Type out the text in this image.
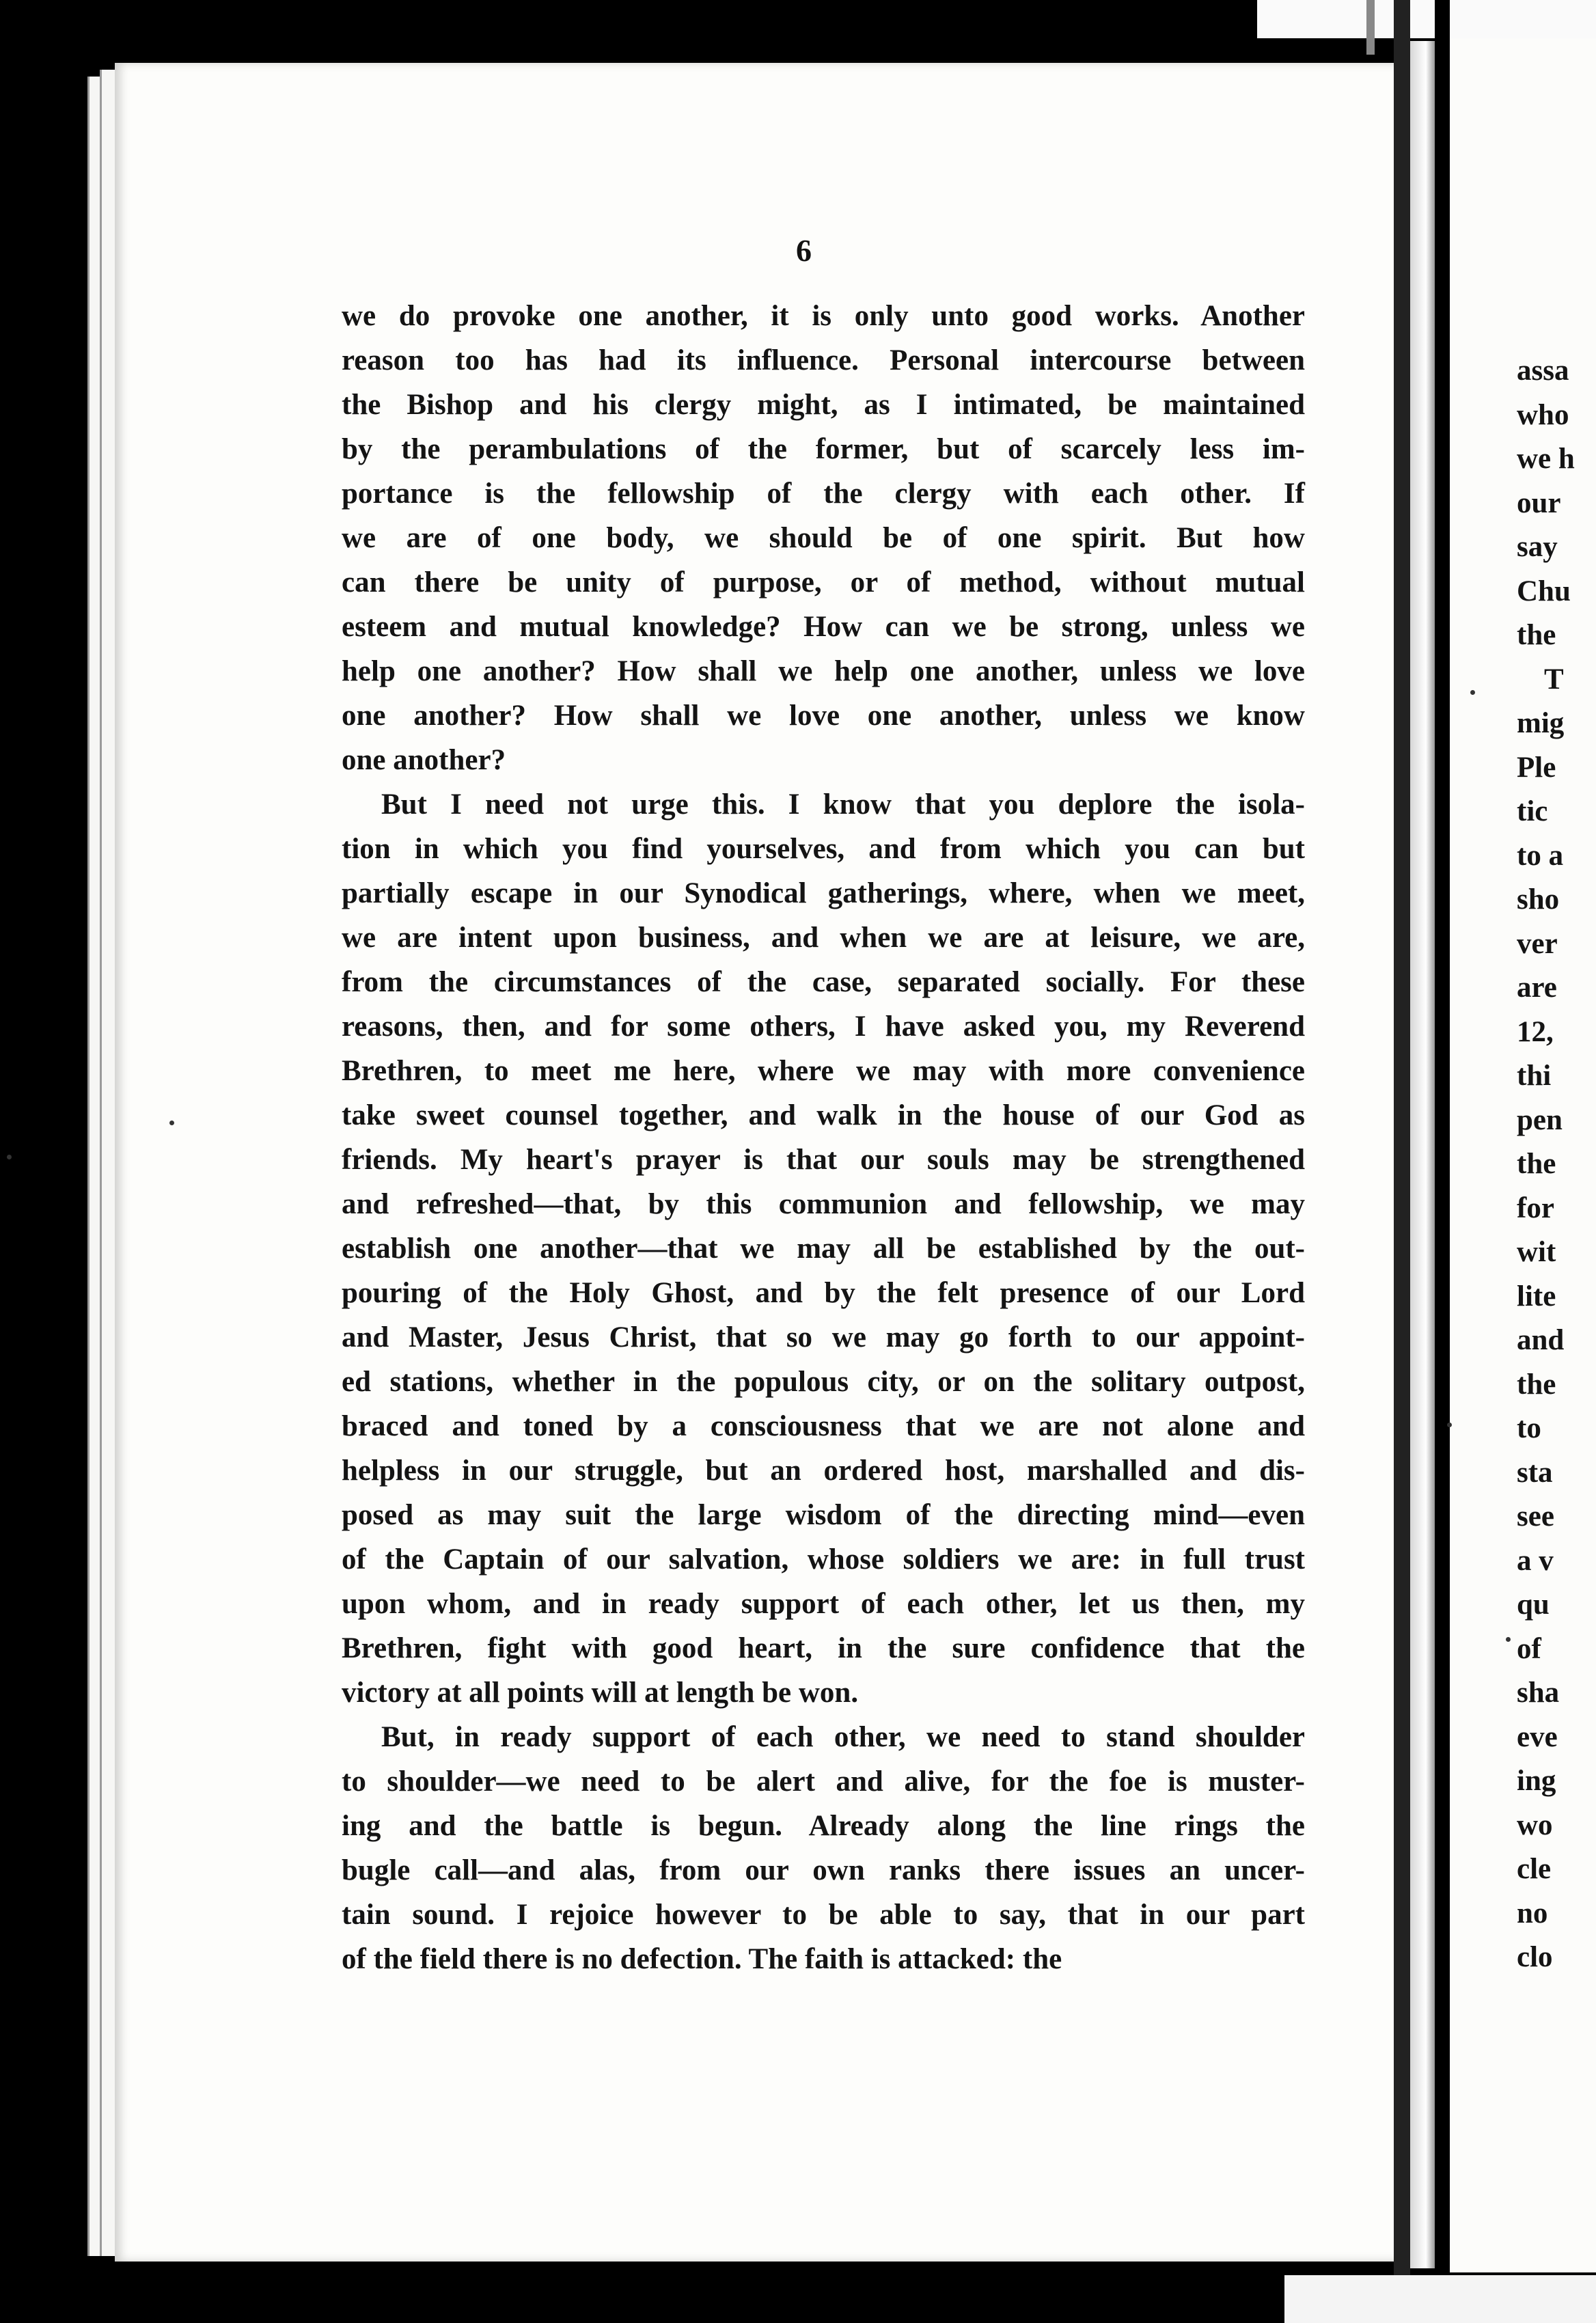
assa
who
we h
our
say
Chu
the
T
mig
Ple
tic
to a
sho
ver
are
12,
thi
pen
the
for
wit
lite
and
the
to
sta
see
a v
qu
of
sha
eve
ing
wo
cle
no
clo
6
we do provoke one another, it is only unto good works. Another
reason too has had its influence. Personal intercourse between
the Bishop and his clergy might, as I intimated, be maintained
by the perambulations of the former, but of scarcely less im-
portance is the fellowship of the clergy with each other. If
we are of one body, we should be of one spirit. But how
can there be unity of purpose, or of method, without mutual
esteem and mutual knowledge? How can we be strong, unless we
help one another? How shall we help one another, unless we love
one another? How shall we love one another, unless we know
one another?
But I need not urge this. I know that you deplore the isola-
tion in which you find yourselves, and from which you can but
partially escape in our Synodical gatherings, where, when we meet,
we are intent upon business, and when we are at leisure, we are,
from the circumstances of the case, separated socially. For these
reasons, then, and for some others, I have asked you, my Reverend
Brethren, to meet me here, where we may with more convenience
take sweet counsel together, and walk in the house of our God as
friends. My heart's prayer is that our souls may be strengthened
and refreshed—that, by this communion and fellowship, we may
establish one another—that we may all be established by the out-
pouring of the Holy Ghost, and by the felt presence of our Lord
and Master, Jesus Christ, that so we may go forth to our appoint-
ed stations, whether in the populous city, or on the solitary outpost,
braced and toned by a consciousness that we are not alone and
helpless in our struggle, but an ordered host, marshalled and dis-
posed as may suit the large wisdom of the directing mind—even
of the Captain of our salvation, whose soldiers we are: in full trust
upon whom, and in ready support of each other, let us then, my
Brethren, fight with good heart, in the sure confidence that the
victory at all points will at length be won.
But, in ready support of each other, we need to stand shoulder
to shoulder—we need to be alert and alive, for the foe is muster-
ing and the battle is begun. Already along the line rings the
bugle call—and alas, from our own ranks there issues an uncer-
tain sound. I rejoice however to be able to say, that in our part
of the field there is no defection. The faith is attacked: the
